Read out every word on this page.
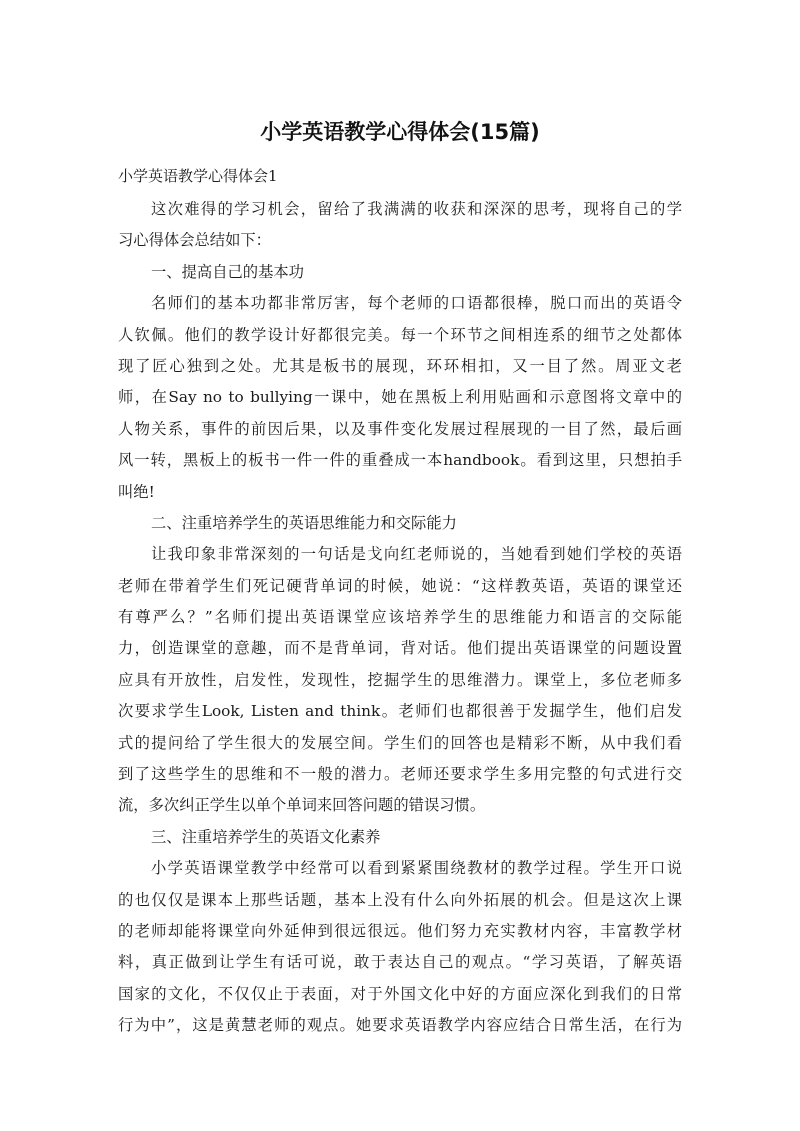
小学英语教学心得体会(15篇)

小学英语教学心得体会1

这次难得的学习机会，留给了我满满的收获和深深的思考，现将自己的学
习心得体会总结如下：
一、提高自己的基本功
名师们的基本功都非常厉害，每个老师的口语都很棒，脱口而出的英语令
人钦佩。他们的教学设计好都很完美。每一个环节之间相连系的细节之处都体
现了匠心独到之处。尤其是板书的展现，环环相扣，又一目了然。周亚文老
师，在Say no to bullying一课中，她在黑板上利用贴画和示意图将文章中的
人物关系，事件的前因后果，以及事件变化发展过程展现的一目了然，最后画
风一转，黑板上的板书一件一件的重叠成一本handbook。看到这里，只想拍手
叫绝!
二、注重培养学生的英语思维能力和交际能力
让我印象非常深刻的一句话是戈向红老师说的，当她看到她们学校的英语
老师在带着学生们死记硬背单词的时候，她说：“这样教英语，英语的课堂还
有尊严么？”名师们提出英语课堂应该培养学生的思维能力和语言的交际能
力，创造课堂的意趣，而不是背单词，背对话。他们提出英语课堂的问题设置
应具有开放性，启发性，发现性，挖掘学生的思维潜力。课堂上，多位老师多
次要求学生Look, Listen and think。老师们也都很善于发掘学生，他们启发
式的提问给了学生很大的发展空间。学生们的回答也是精彩不断，从中我们看
到了这些学生的思维和不一般的潜力。老师还要求学生多用完整的句式进行交
流，多次纠正学生以单个单词来回答问题的错误习惯。
三、注重培养学生的英语文化素养
小学英语课堂教学中经常可以看到紧紧围绕教材的教学过程。学生开口说
的也仅仅是课本上那些话题，基本上没有什么向外拓展的机会。但是这次上课
的老师却能将课堂向外延伸到很远很远。他们努力充实教材内容，丰富教学材
料，真正做到让学生有话可说，敢于表达自己的观点。“学习英语，了解英语
国家的文化，不仅仅止于表面，对于外国文化中好的方面应深化到我们的日常
行为中”，这是黄慧老师的观点。她要求英语教学内容应结合日常生活，在行为
